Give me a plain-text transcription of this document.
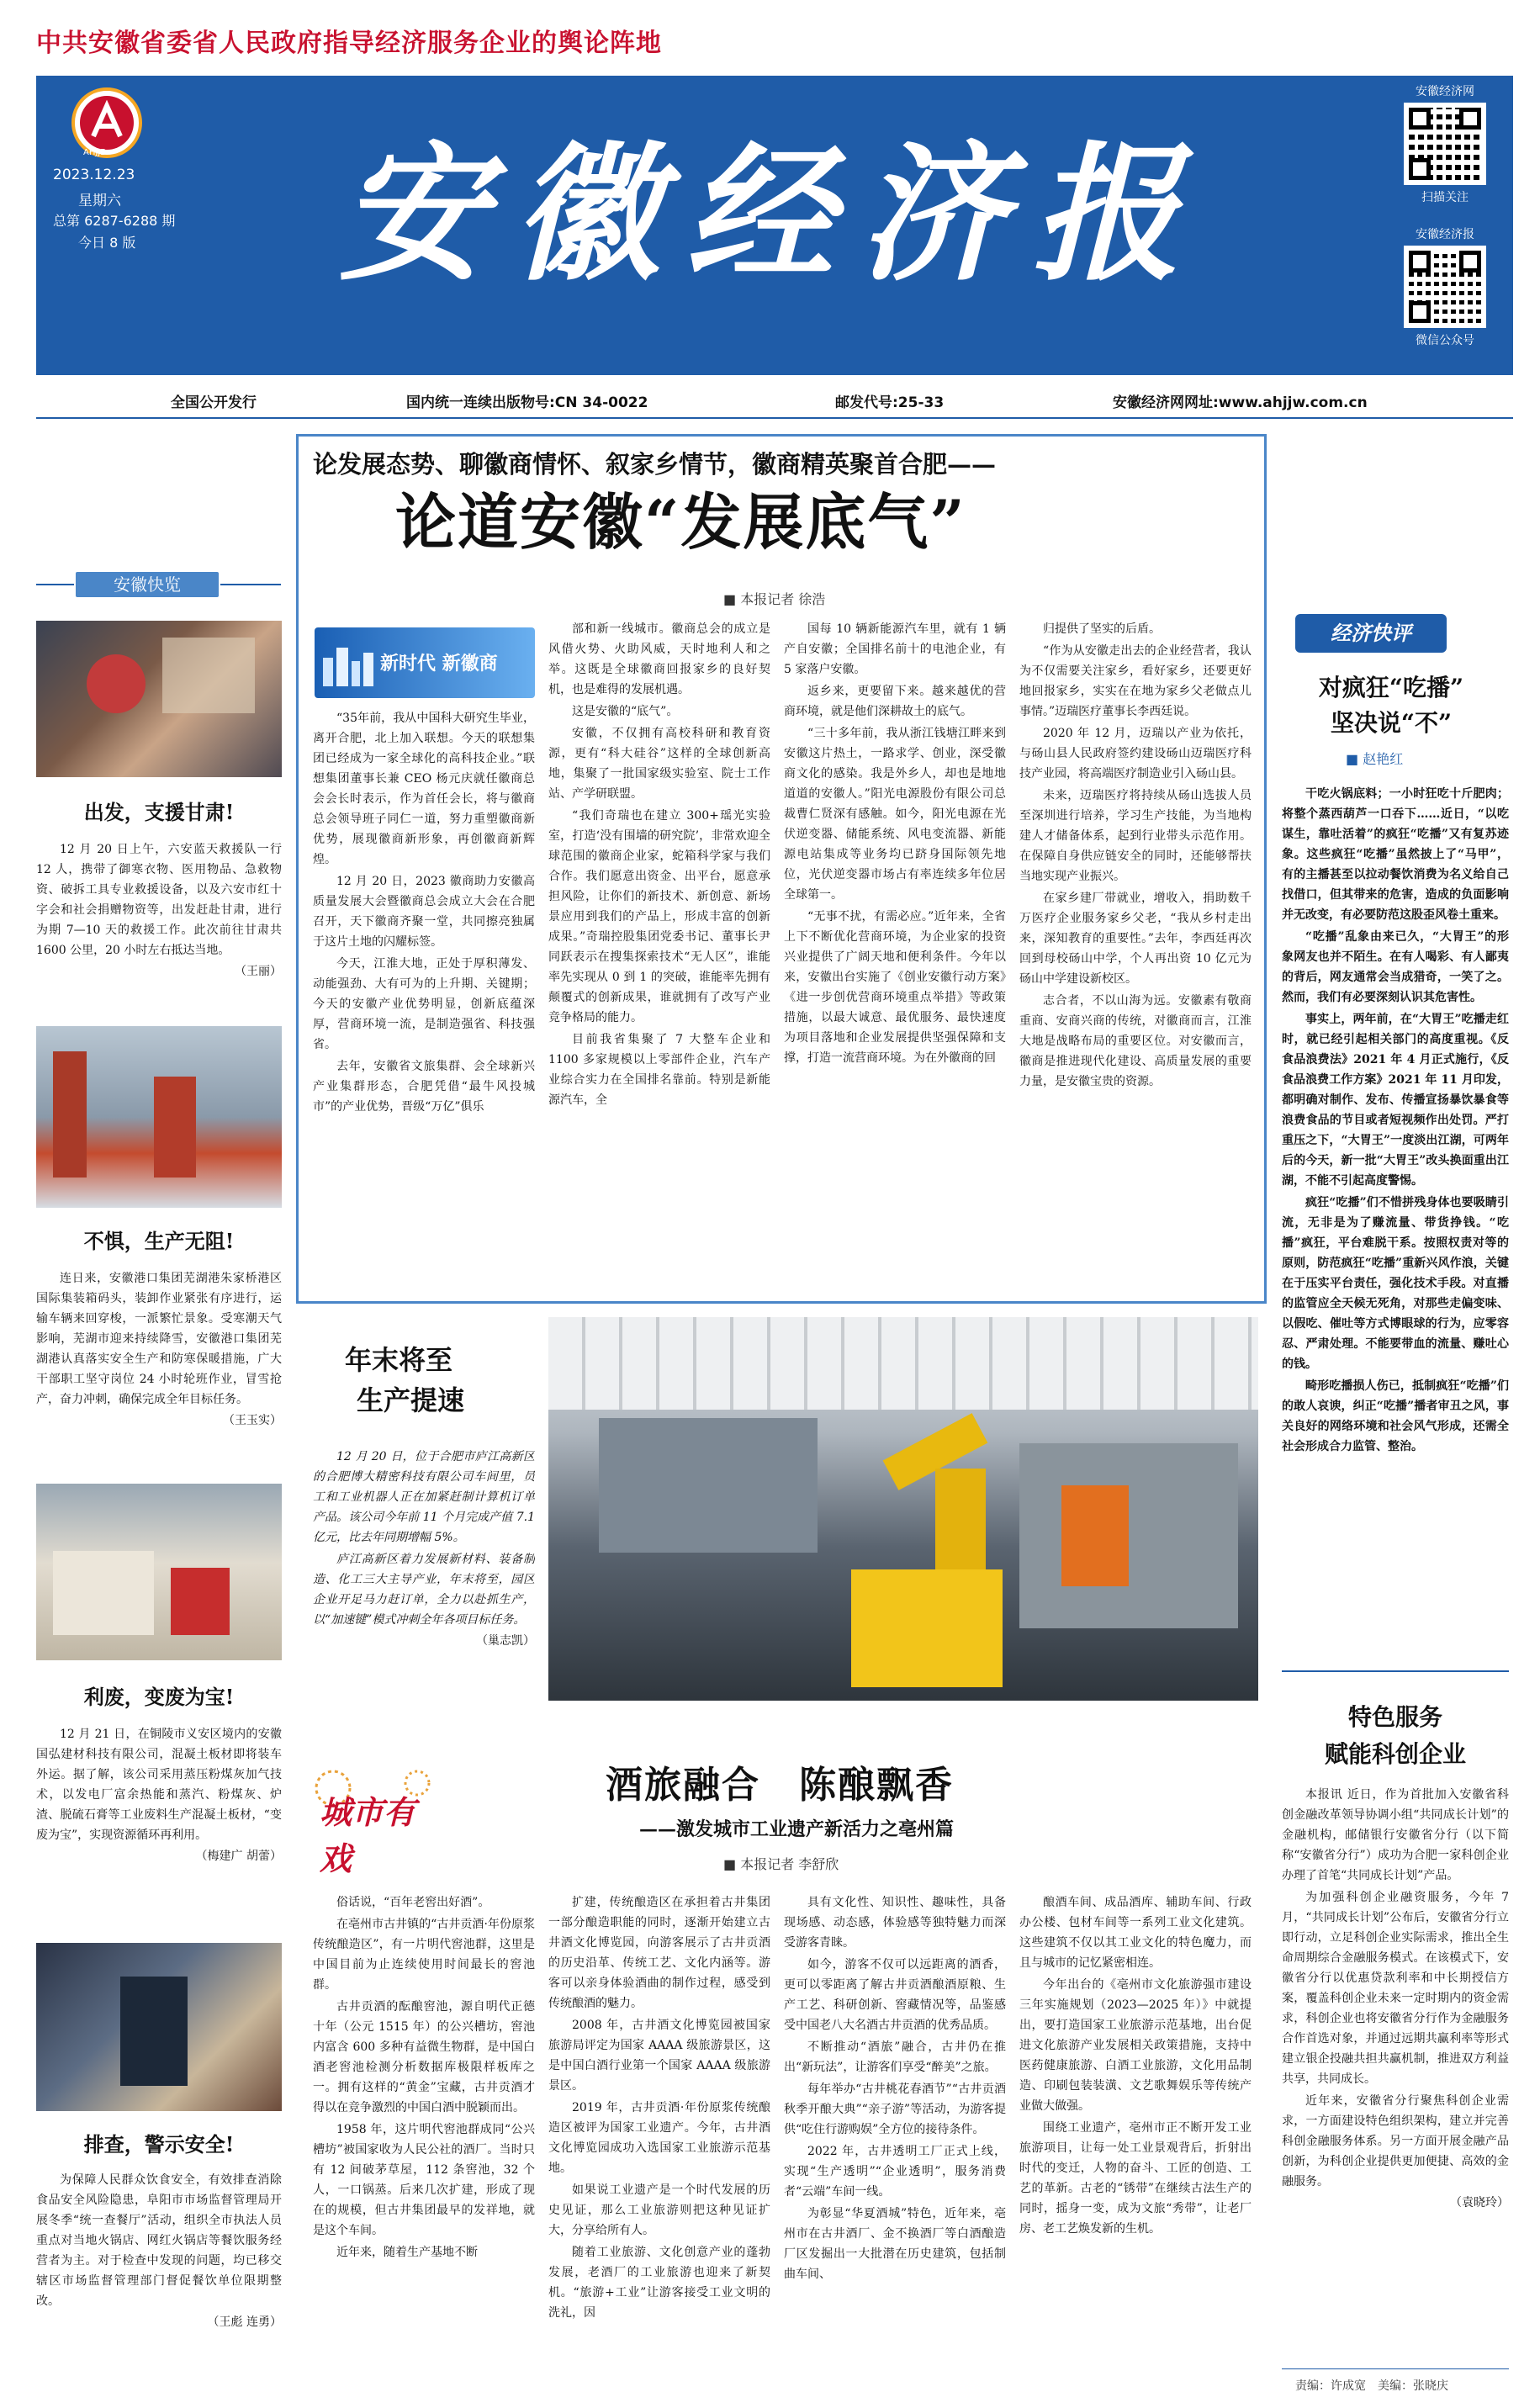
中共安徽省委省人民政府指导经济服务企业的舆论阵地
AHJJB
2023.12.23
星期六
总第 6287-6288 期
今日 8 版 安徽经济报
安徽经济网
扫描关注
安徽经济报
微信公众号
全国公开发行	国内统一连续出版物号:CN 34-0022	邮发代号:25-33	安徽经济网网址:www.ahjjw.com.cn
论发展态势、聊徽商情怀、叙家乡情节，徽商精英聚首合肥——
论道安徽“发展底气”
■ 本报记者 徐浩
新时代 新徽商

“35年前，我从中国科大研究生毕业，离开合肥，北上加入联想。今天的联想集团已经成为一家全球化的高科技企业。”联想集团董事长兼 CEO 杨元庆就任徽商总会会长时表示，作为首任会长，将与徽商总会领导班子同仁一道，努力重塑徽商新优势，展现徽商新形象，再创徽商新辉煌。

12 月 20 日，2023 徽商助力安徽高质量发展大会暨徽商总会成立大会在合肥召开，天下徽商齐聚一堂，共同擦亮独属于这片土地的闪耀标签。

今天，江淮大地，正处于厚积薄发、动能强劲、大有可为的上升期、关键期；今天的安徽产业优势明显，创新底蕴深厚，营商环境一流，是制造强省、科技强省。

去年，安徽省文旅集群、会全球新兴产业集群形态，合肥凭借“最牛风投城市”的产业优势，晋级“万亿”俱乐

部和新一线城市。徽商总会的成立是风借火势、火助风威，天时地利人和之举。这既是全球徽商回报家乡的良好契机，也是难得的发展机遇。

这是安徽的“底气”。

安徽，不仅拥有高校科研和教育资源，更有“科大硅谷”这样的全球创新高地，集聚了一批国家级实验室、院士工作站、产学研联盟。

“我们奇瑞也在建立 300+瑶光实验室，打造‘没有围墙的研究院’，非常欢迎全球范围的徽商企业家，蛇箱科学家与我们合作。我们愿意出资金、出平台，愿意承担风险，让你们的新技术、新创意、新场景应用到我们的产品上，形成丰富的创新成果。”奇瑞控股集团党委书记、董事长尹同跃表示在搜集探索技术“无人区”，谁能率先实现从 0 到 1 的突破，谁能率先拥有颠覆式的创新成果，谁就拥有了改写产业竞争格局的能力。

目前我省集聚了 7 大整车企业和 1100 多家规模以上零部件企业，汽车产业综合实力在全国排名靠前。特别是新能源汽车，全

国每 10 辆新能源汽车里，就有 1 辆产自安徽；全国排名前十的电池企业，有 5 家落户安徽。

返乡来，更要留下来。越来越优的营商环境，就是他们深耕故土的底气。

“三十多年前，我从浙江钱塘江畔来到安徽这片热土，一路求学、创业，深受徽商文化的感染。我是外乡人，却也是地地道道的安徽人。”阳光电源股份有限公司总裁曹仁贤深有感触。如今，阳光电源在光伏逆变器、储能系统、风电变流器、新能源电站集成等业务均已跻身国际领先地位，光伏逆变器市场占有率连续多年位居全球第一。

“无事不扰，有需必应。”近年来，全省上下不断优化营商环境，为企业家的投资兴业提供了广阔天地和便利条件。今年以来，安徽出台实施了《创业安徽行动方案》《进一步创优营商环境重点举措》等政策措施，以最大诚意、最优服务、最快速度为项目落地和企业发展提供坚强保障和支撑，打造一流营商环境。为在外徽商的回

归提供了坚实的后盾。

“作为从安徽走出去的企业经营者，我认为不仅需要关注家乡，看好家乡，还要更好地回报家乡，实实在在地为家乡父老做点儿事情。”迈瑞医疗董事长李西廷说。

2020 年 12 月，迈瑞以产业为依托，与砀山县人民政府签约建设砀山迈瑞医疗科技产业园，将高端医疗制造业引入砀山县。

未来，迈瑞医疗将持续从砀山选拔人员至深圳进行培养，学习生产技能，为当地构建人才储备体系，起到行业带头示范作用。在保障自身供应链安全的同时，还能够帮扶当地实现产业振兴。

在家乡建厂带就业，增收入，捐助数千万医疗企业服务家乡父老，“我从乡村走出来，深知教育的重要性。”去年，李西廷再次回到母校砀山中学，个人再出资 10 亿元为砀山中学建设新校区。

志合者，不以山海为远。安徽素有敬商重商、安商兴商的传统，对徽商而言，江淮大地是战略布局的重要区位。对安徽而言，徽商是推进现代化建设、高质量发展的重要力量，是安徽宝贵的资源。

安徽快览
出发，支援甘肃!

12 月 20 日上午，六安蓝天救援队一行 12 人，携带了御寒衣物、医用物品、急救物资、破拆工具专业救援设备，以及六安市红十字会和社会捐赠物资等，出发赶赴甘肃，进行为期 7—10 天的救援工作。此次前往甘肃共 1600 公里，20 小时左右抵达当地。

（王丽）
不惧，生产无阻!

连日来，安徽港口集团芜湖港朱家桥港区国际集装箱码头，装卸作业紧张有序进行，运输车辆来回穿梭，一派繁忙景象。受寒潮天气影响，芜湖市迎来持续降雪，安徽港口集团芜湖港认真落实安全生产和防寒保暖措施，广大干部职工坚守岗位 24 小时轮班作业，冒雪抢产，奋力冲刺，确保完成全年目标任务。

（王玉实）
利废，变废为宝!

12 月 21 日，在铜陵市义安区境内的安徽国弘建材科技有限公司，混凝土板材即将装车外运。据了解，该公司采用蒸压粉煤灰加气技术，以发电厂富余热能和蒸汽、粉煤灰、炉渣、脱硫石膏等工业废料生产混凝土板材，“变废为宝”，实现资源循环再利用。

（梅建广 胡蕾）
排查，警示安全!

为保障人民群众饮食安全，有效排查消除食品安全风险隐患，阜阳市市场监督管理局开展冬季“统一查餐厅”活动，组织全市执法人员重点对当地火锅店、网红火锅店等餐饮服务经营者为主。对于检查中发现的问题，均已移交辖区市场监督管理部门督促餐饮单位限期整改。

（王彪 连勇）
经济快评
对疯狂“吃播”
坚决说“不”
■ 赵艳红

干吃火锅底料；一小时狂吃十斤肥肉；将整个蒸西葫芦一口吞下……近日，“以吃谋生，靠吐活着”的疯狂“吃播”又有复苏迹象。这些疯狂“吃播”虽然披上了“马甲”，有的主播甚至以拉动餐饮消费为名义给自己找借口，但其带来的危害，造成的负面影响并无改变，有必要防范这股歪风卷土重来。

“吃播”乱象由来已久，“大胃王”的形象网友也并不陌生。在有人喝彩、有人鄙夷的背后，网友通常会当成猎奇，一笑了之。然而，我们有必要深刻认识其危害性。

事实上，两年前，在“大胃王”吃播走红时，就已经引起相关部门的高度重视。《反食品浪费法》2021 年 4 月正式施行，《反食品浪费工作方案》2021 年 11 月印发，都明确对制作、发布、传播宣扬暴饮暴食等浪费食品的节目或者短视频作出处罚。严打重压之下，“大胃王”一度淡出江湖，可两年后的今天，新一批“大胃王”改头换面重出江湖，不能不引起高度警惕。

疯狂“吃播”们不惜拼残身体也要吸睛引流，无非是为了赚流量、带货挣钱。“吃播”疯狂，平台难脱干系。按照权责对等的原则，防范疯狂“吃播”重新兴风作浪，关键在于压实平台责任，强化技术手段。对直播的监管应全天候无死角，对那些走偏变味、以假吃、催吐等方式博眼球的行为，应零容忍、严肃处理。不能要带血的流量、赚吐心的钱。

畸形吃播损人伤已，抵制疯狂“吃播”们的敢人哀谀，纠正“吃播”播者审丑之风，事关良好的网络环境和社会风气形成，还需全社会形成合力监管、整治。

特色服务
赋能科创企业

本报讯 近日，作为首批加入安徽省科创金融改革领导协调小组“共同成长计划”的金融机构，邮储银行安徽省分行（以下简称“安徽省分行”）成功为合肥一家科创企业办理了首笔“共同成长计划”产品。

为加强科创企业融资服务，今年 7 月，“共同成长计划”公布后，安徽省分行立即行动，立足科创企业实际需求，推出全生命周期综合金融服务模式。在该模式下，安徽省分行以优惠贷款利率和中长期授信方案，覆盖科创企业未来一定时期内的资金需求，科创企业也将安徽省分行作为金融服务合作首选对象，并通过远期共赢利率等形式建立银企投融共担共赢机制，推进双方利益共享，共同成长。

近年来，安徽省分行聚焦科创企业需求，一方面建设特色组织架构，建立并完善科创金融服务体系。另一方面开展金融产品创新，为科创企业提供更加便捷、高效的金融服务。

（袁晓玲）
年末将至
生产提速

12 月 20 日，位于合肥市庐江高新区的合肥博大精密科技有限公司车间里，员工和工业机器人正在加紧赶制计算机订单产品。该公司今年前 11 个月完成产值 7.1 亿元，比去年同期增幅 5%。

庐江高新区着力发展新材料、装备制造、化工三大主导产业，年末将至，园区企业开足马力赶订单，全力以赴抓生产，以“加速键”模式冲刺全年各项目标任务。

（巢志凯）
城市有戏
酒旅融合　陈酿飘香
——激发城市工业遗产新活力之亳州篇
■ 本报记者 李舒欣

俗话说，“百年老窖出好酒”。

在亳州市古井镇的“古井贡酒·年份原浆传统酿造区”，有一片明代窖池群，这里是中国目前为止连续使用时间最长的窖池群。

古井贡酒的酝酿窖池，源自明代正德十年（公元 1515 年）的公兴槽坊，窖池内富含 600 多种有益微生物群，是中国白酒老窖池检测分析数据库极限样板库之一。拥有这样的“黄金”宝藏，古井贡酒才得以在竞争激烈的中国白酒中脱颖而出。

1958 年，这片明代窖池群成同“公兴槽坊”被国家收为人民公社的酒厂。当时只有 12 间破茅草屋，112 条窖池，32 个人，一口锅蒸。后来几次扩建，形成了现在的规模，但古井集团最早的发祥地，就是这个车间。

近年来，随着生产基地不断

扩建，传统酿造区在承担着古井集团一部分酿造职能的同时，逐渐开始建立古井酒文化博览园，向游客展示了古井贡酒的历史沿革、传统工艺、文化内涵等。游客可以亲身体验酒曲的制作过程，感受到传统酿酒的魅力。

2008 年，古井酒文化博览园被国家旅游局评定为国家 AAAA 级旅游景区，这是中国白酒行业第一个国家 AAAA 级旅游景区。

2019 年，古井贡酒·年份原浆传统酿造区被评为国家工业遗产。今年，古井酒文化博览园成功入选国家工业旅游示范基地。

如果说工业遗产是一个时代发展的历史见证，那么工业旅游则把这种见证扩大，分享给所有人。

随着工业旅游、文化创意产业的蓬勃发展，老酒厂的工业旅游也迎来了新契机。“旅游+工业”让游客接受工业文明的洗礼，因

具有文化性、知识性、趣味性，具备现场感、动态感，体验感等独特魅力而深受游客青睐。

如今，游客不仅可以远距离的酒香，更可以零距离了解古井贡酒酿酒原粮、生产工艺、科研创新、窖藏情况等，品鉴感受中国老八大名酒古井贡酒的优秀品质。

不断推动“酒旅”融合，古井仍在推出“新玩法”，让游客们享受“醉美”之旅。

每年举办“古井桃花春酒节”“古井贡酒秋季开酿大典”“亲子游”等活动，为游客提供“吃住行游购娱”全方位的接待条件。

2022 年，古井透明工厂正式上线，实现“生产透明”“企业透明”，服务消费者“云端”车间一线。

为彰显“华夏酒城”特色，近年来，亳州市在古井酒厂、金不换酒厂等白酒酿造厂区发掘出一大批潜在历史建筑，包括制曲车间、

酿酒车间、成品酒库、辅助车间、行政办公楼、包材车间等一系列工业文化建筑。这些建筑不仅以其工业文化的特色魔力，而且与城市的记忆紧密相连。

今年出台的《亳州市文化旅游强市建设三年实施规划（2023—2025 年）》中就提出，要打造国家工业旅游示范基地，出台促进文化旅游产业发展相关政策措施，支持中医药健康旅游、白酒工业旅游，文化用品制造、印刷包装装潢、文艺歌舞娱乐等传统产业做大做强。

围绕工业遗产，亳州市正不断开发工业旅游项目，让每一处工业景观背后，折射出时代的变迁，人物的奋斗、工匠的创造、工艺的革新。古老的“锈带”在继续古法生产的同时，摇身一变，成为文旅“秀带”，让老厂房、老工艺焕发新的生机。

责编：许成宽　美编：张晓庆
